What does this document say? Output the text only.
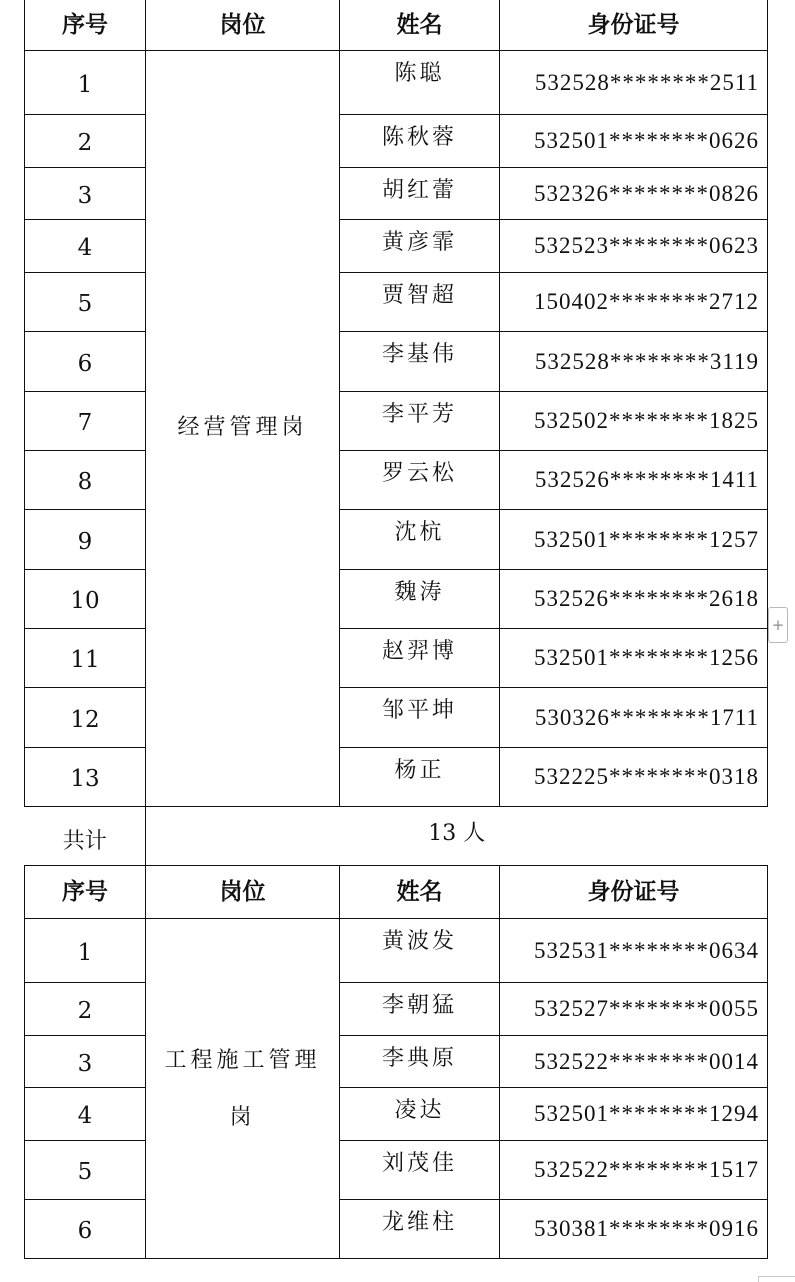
序号	岗位	姓名	身份证号
1	经营管理岗	陈聪	532528********2511
2		陈秋蓉	532501********0626
3		胡红蕾	532326********0826
4		黄彦霏	532523********0623
5		贾智超	150402********2712
6		李基伟	532528********3119
7		李平芳	532502********1825
8		罗云松	532526********1411
9		沈杭	532501********1257
10		魏涛	532526********2618
11		赵羿博	532501********1256
12		邹平坤	530326********1711
13		杨正	532225********0318
共计	13 人		
序号	岗位	姓名	身份证号
1	工程施工管理岗	黄波发	532531********0634
2		李朝猛	532527********0055
3		李典原	532522********0014
4		凌达	532501********1294
5		刘茂佳	532522********1517
6		龙维柱	530381********0916
+
